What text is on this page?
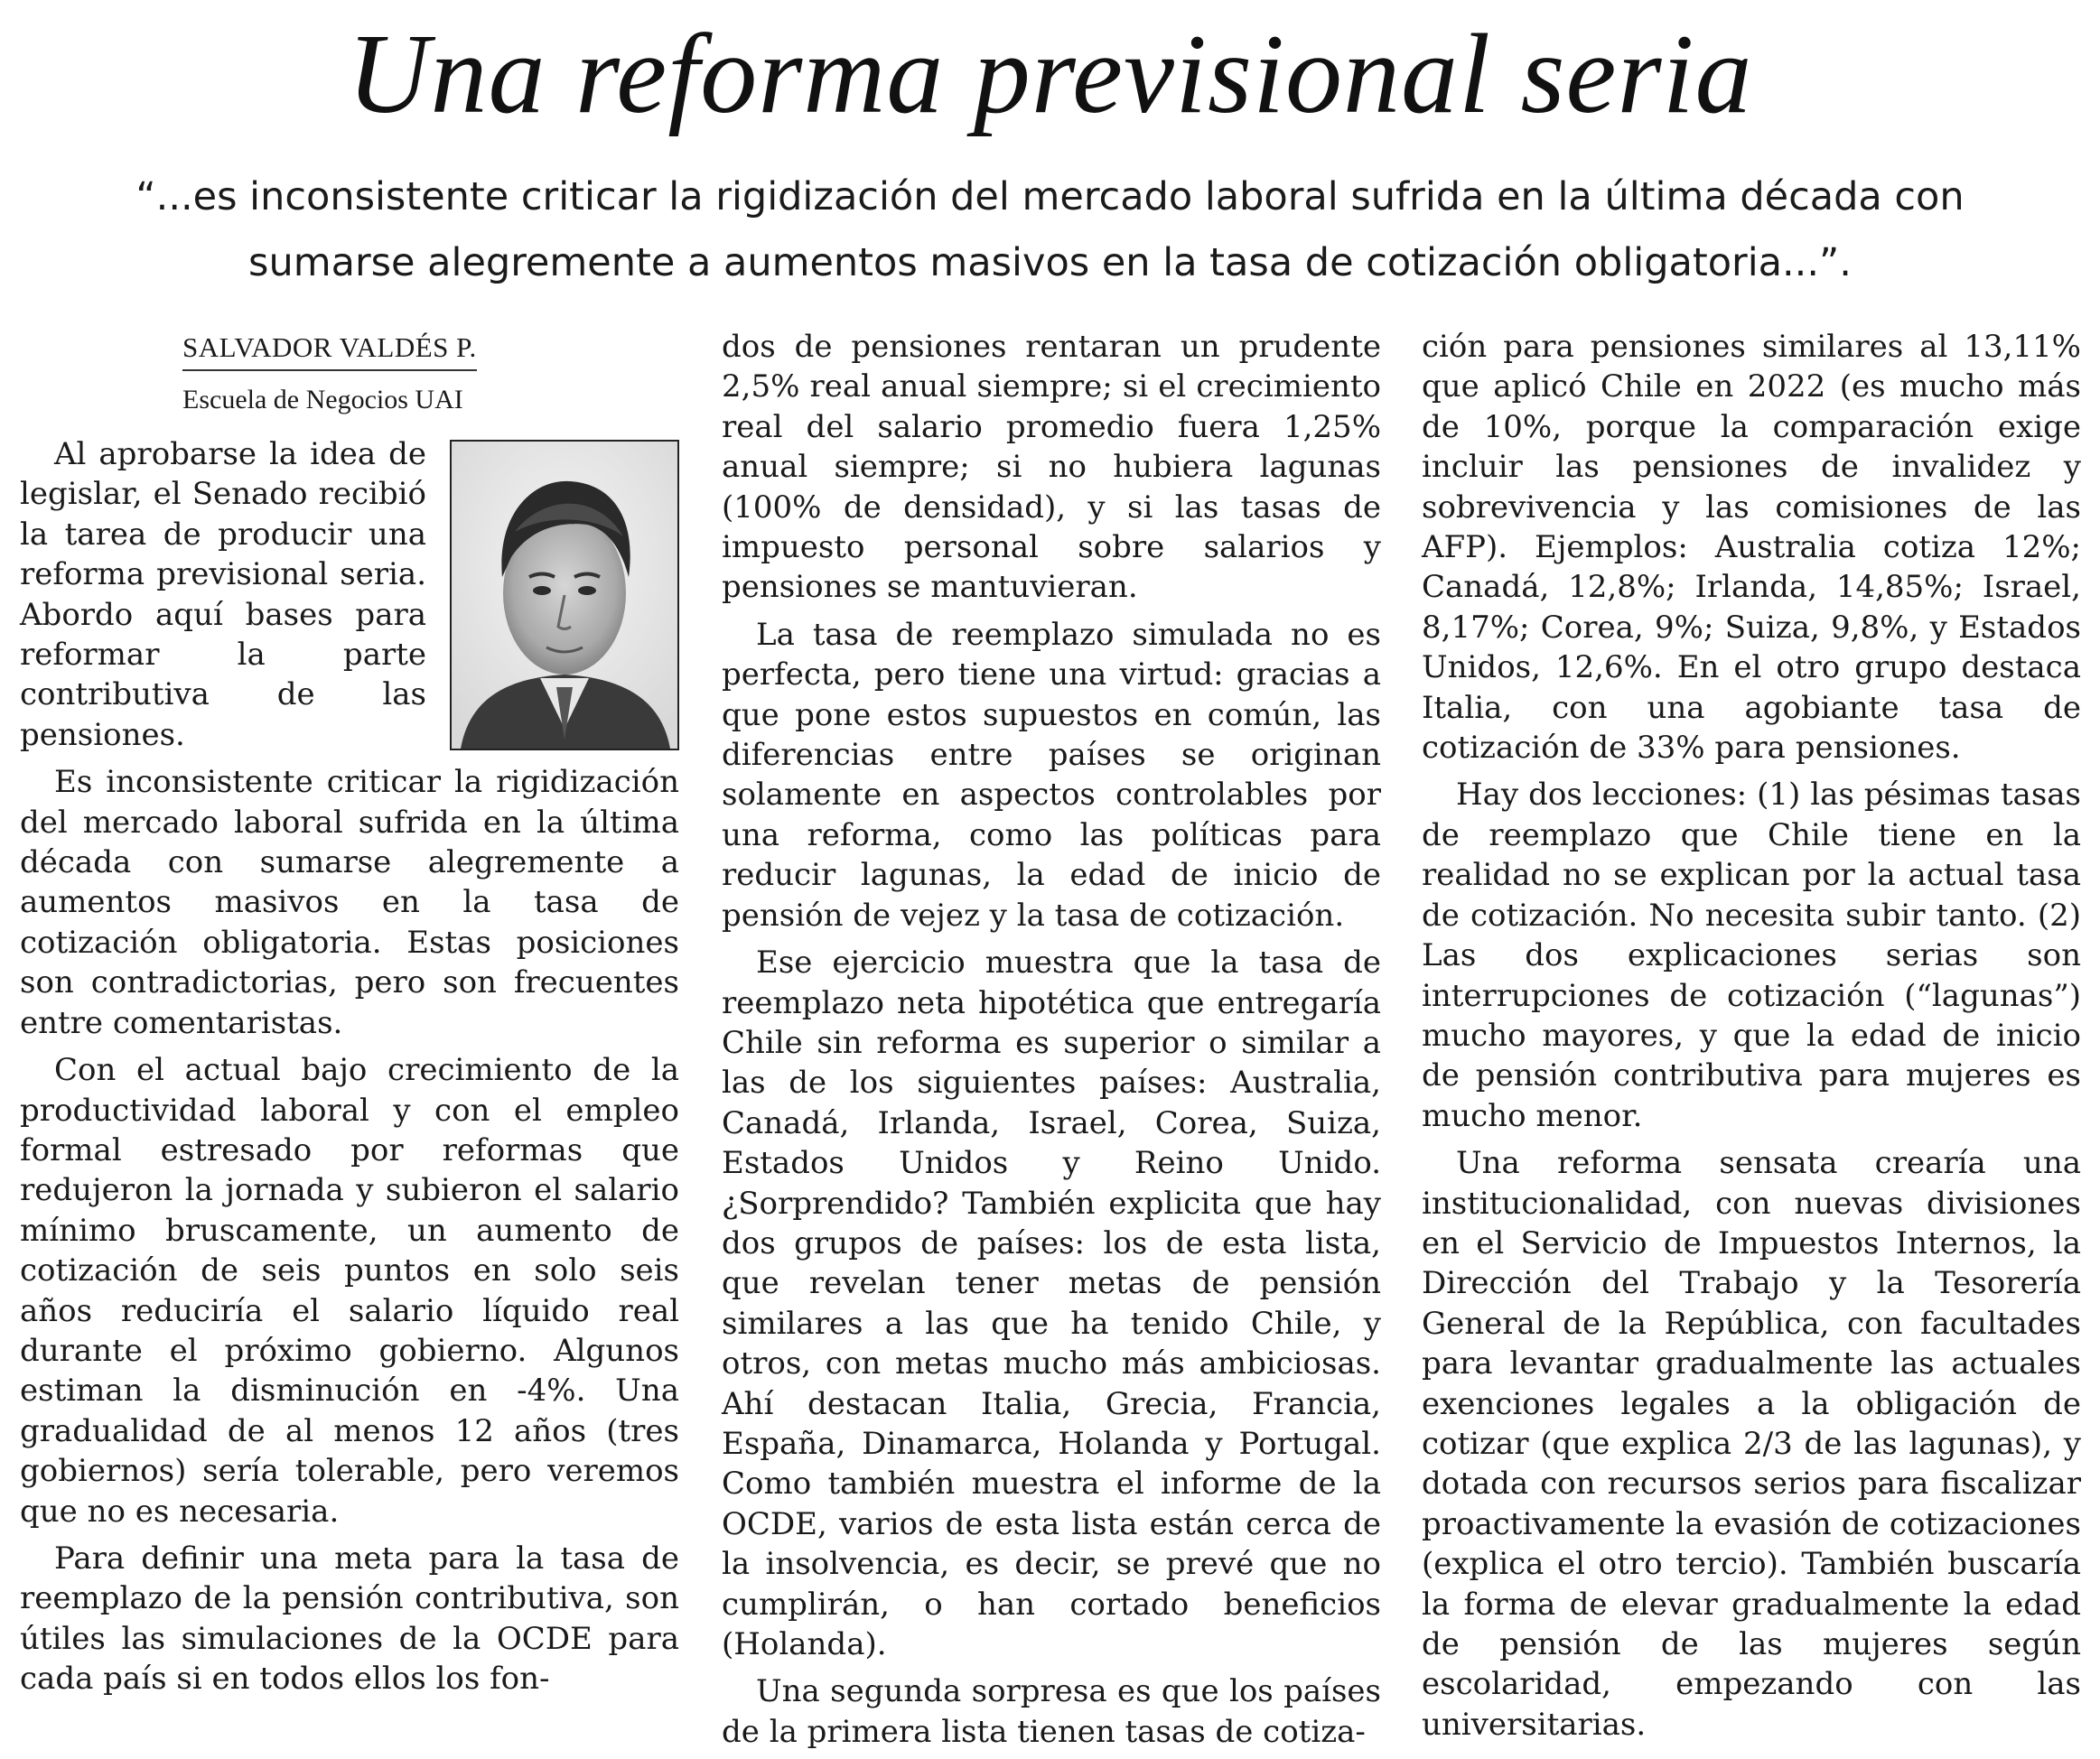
Una reforma previsional seria

“...es inconsistente criticar la rigidización del mercado laboral sufrida en la última década con sumarse alegremente a aumentos masivos en la tasa de cotización obligatoria...”.

SALVADOR VALDÉS P.
Escuela de Negocios UAI

Al aprobarse la idea de legislar, el Senado recibió la tarea de producir una reforma previsional seria. Abordo aquí bases para reformar la parte contributiva de las pensiones.

Es inconsistente criticar la rigidización del mercado laboral sufrida en la última década con sumarse alegremente a aumentos masivos en la tasa de cotización obligatoria. Estas posiciones son contradictorias, pero son frecuentes entre comentaristas.

Con el actual bajo crecimiento de la productividad laboral y con el empleo formal estresado por reformas que redujeron la jornada y subieron el salario mínimo bruscamente, un aumento de cotización de seis puntos en solo seis años reduciría el salario líquido real durante el próximo gobierno. Algunos estiman la disminución en -4%. Una gradualidad de al menos 12 años (tres gobiernos) sería tolerable, pero veremos que no es necesaria.

Para definir una meta para la tasa de reemplazo de la pensión contributiva, son útiles las simulaciones de la OCDE para cada país si en todos ellos los fon-

dos de pensiones rentaran un prudente 2,5% real anual siempre; si el crecimiento real del salario promedio fuera 1,25% anual siempre; si no hubiera lagunas (100% de densidad), y si las tasas de impuesto personal sobre salarios y pensiones se mantuvieran.

La tasa de reemplazo simulada no es perfecta, pero tiene una virtud: gracias a que pone estos supuestos en común, las diferencias entre países se originan solamente en aspectos controlables por una reforma, como las políticas para reducir lagunas, la edad de inicio de pensión de vejez y la tasa de cotización.

Ese ejercicio muestra que la tasa de reemplazo neta hipotética que entregaría Chile sin reforma es superior o similar a las de los siguientes países: Australia, Canadá, Irlanda, Israel, Corea, Suiza, Estados Unidos y Reino Unido. ¿Sorprendido? También explicita que hay dos grupos de países: los de esta lista, que revelan tener metas de pensión similares a las que ha tenido Chile, y otros, con metas mucho más ambiciosas. Ahí destacan Italia, Grecia, Francia, España, Dinamarca, Holanda y Portugal. Como también muestra el informe de la OCDE, varios de esta lista están cerca de la insolvencia, es decir, se prevé que no cumplirán, o han cortado beneficios (Holanda).

Una segunda sorpresa es que los países de la primera lista tienen tasas de cotiza-

ción para pensiones similares al 13,11% que aplicó Chile en 2022 (es mucho más de 10%, porque la comparación exige incluir las pensiones de invalidez y sobrevivencia y las comisiones de las AFP). Ejemplos: Australia cotiza 12%; Canadá, 12,8%; Irlanda, 14,85%; Israel, 8,17%; Corea, 9%; Suiza, 9,8%, y Estados Unidos, 12,6%. En el otro grupo destaca Italia, con una agobiante tasa de cotización de 33% para pensiones.

Hay dos lecciones: (1) las pésimas tasas de reemplazo que Chile tiene en la realidad no se explican por la actual tasa de cotización. No necesita subir tanto. (2) Las dos explicaciones serias son interrupciones de cotización (“lagunas”) mucho mayores, y que la edad de inicio de pensión contributiva para mujeres es mucho menor.

Una reforma sensata crearía una institucionalidad, con nuevas divisiones en el Servicio de Impuestos Internos, la Dirección del Trabajo y la Tesorería General de la República, con facultades para levantar gradualmente las actuales exenciones legales a la obligación de cotizar (que explica 2/3 de las lagunas), y dotada con recursos serios para fiscalizar proactivamente la evasión de cotizaciones (explica el otro tercio). También buscaría la forma de elevar gradualmente la edad de pensión de las mujeres según escolaridad, empezando con las universitarias.
